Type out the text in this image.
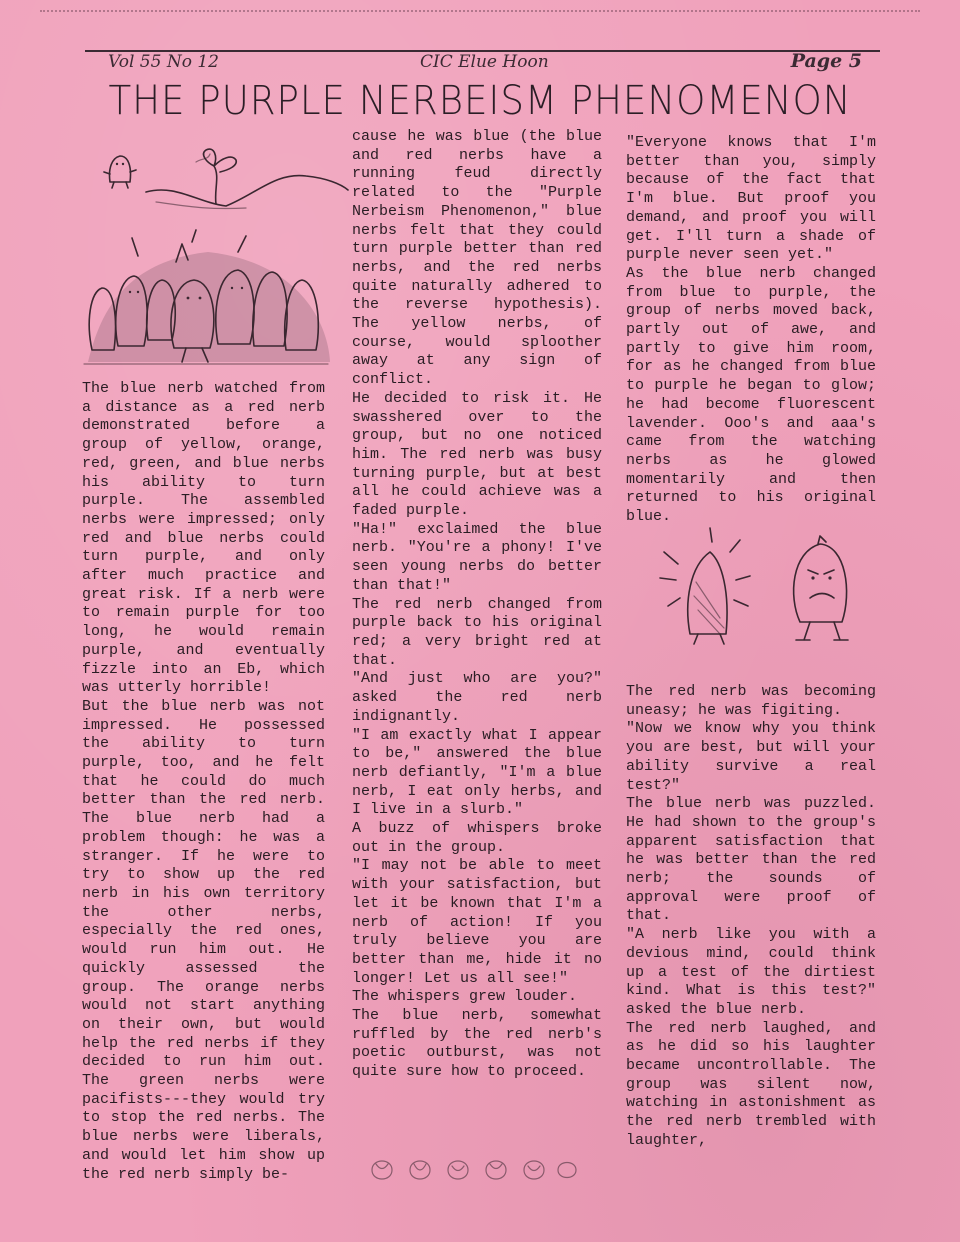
Vol 55 No 12	CIC Elue Hoon	Page 5
THE PURPLE NERBEISM PHENOMENON
The blue nerb watched from a distance as a red nerb demonstrated before a group of yellow, orange, red, green, and blue nerbs his ability to turn purple. The assembled nerbs were impressed; only red and blue nerbs could turn purple, and only after much practice and great risk. If a nerb were to remain purple for too long, he would remain purple, and eventually fizzle into an Eb, which was utterly horrible!
But the blue nerb was not impressed. He possessed the ability to turn purple, too, and he felt that he could do much better than the red nerb. The blue nerb had a problem though: he was a stranger. If he were to try to show up the red nerb in his own territory the other nerbs, especially the red ones, would run him out. He quickly assessed the group. The orange nerbs would not start anything on their own, but would help the red nerbs if they decided to run him out. The green nerbs were pacifists---they would try to stop the red nerbs. The blue nerbs were liberals, and would let him show up the red nerb simply be-
cause he was blue (the blue and red nerbs have a running feud directly related to the "Purple Nerbeism Phenomenon," blue nerbs felt that they could turn purple better than red nerbs, and the red nerbs quite naturally adhered to the reverse hypothesis). The yellow nerbs, of course, would sploother away at any sign of conflict.
He decided to risk it. He swasshered over to the group, but no one noticed him. The red nerb was busy turning purple, but at best all he could achieve was a faded purple.
"Ha!" exclaimed the blue nerb. "You're a phony! I've seen young nerbs do better than that!"
The red nerb changed from purple back to his original red; a very bright red at that.
"And just who are you?" asked the red nerb indignantly.
"I am exactly what I appear to be," answered the blue nerb defiantly, "I'm a blue nerb, I eat only herbs, and I live in a slurb."
A buzz of whispers broke out in the group.
"I may not be able to meet with your satisfaction, but let it be known that I'm a nerb of action! If you truly believe you are better than me, hide it no longer! Let us all see!"
The whispers grew louder.
The blue nerb, somewhat ruffled by the red nerb's poetic outburst, was not quite sure how to proceed.
"Everyone knows that I'm better than you, simply because of the fact that I'm blue. But proof you demand, and proof you will get. I'll turn a shade of purple never seen yet."
As the blue nerb changed from blue to purple, the group of nerbs moved back, partly out of awe, and partly to give him room, for as he changed from blue to purple he began to glow; he had become fluorescent lavender. Ooo's and aaa's came from the watching nerbs as he glowed momentarily and then returned to his original blue.
The red nerb was becoming uneasy; he was figiting.
"Now we know why you think you are best, but will your ability survive a real test?"
The blue nerb was puzzled. He had shown to the group's apparent satisfaction that he was better than the red nerb; the sounds of approval were proof of that.
"A nerb like you with a devious mind, could think up a test of the dirtiest kind. What is this test?" asked the blue nerb.
The red nerb laughed, and as he did so his laughter became uncontrollable. The group was silent now, watching in astonishment as the red nerb trembled with laughter,
